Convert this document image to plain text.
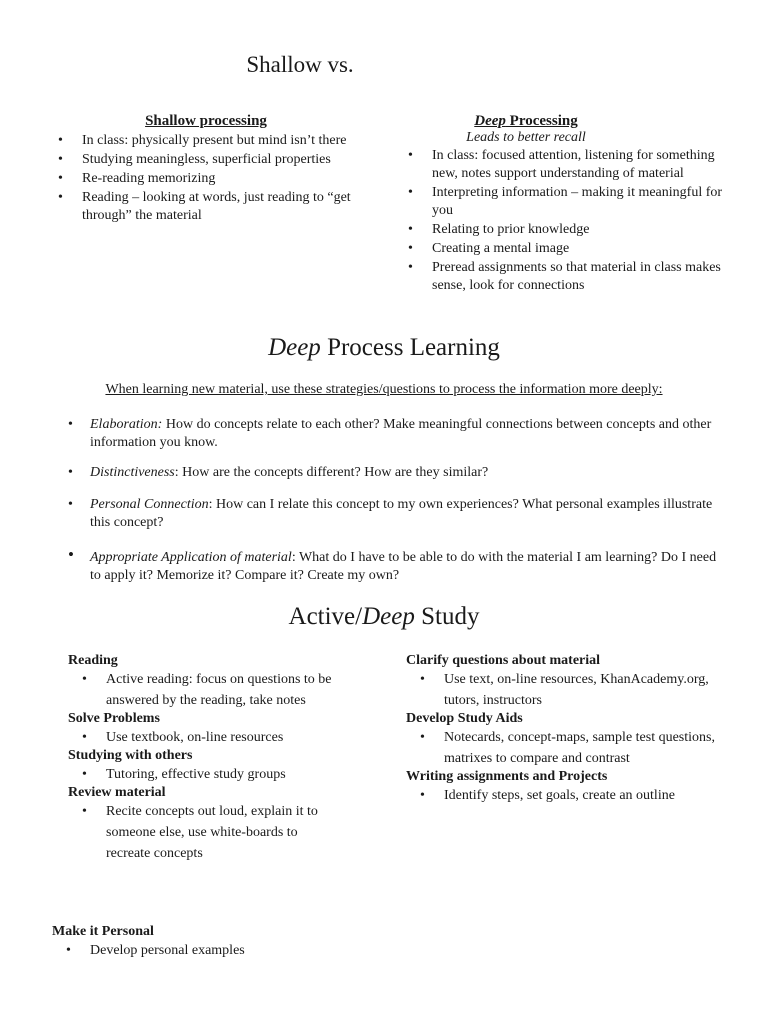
Shallow vs.
Shallow processing
• In class: physically present but mind isn’t there
• Studying meaningless, superficial properties
• Re-reading memorizing
• Reading – looking at words, just reading to “get through” the material
Deep Processing
Leads to better recall
• In class: focused attention, listening for something new, notes support understanding of material
• Interpreting information – making it meaningful for you
• Relating to prior knowledge
• Creating a mental image
• Preread assignments so that material in class makes sense, look for connections
Deep Process Learning
When learning new material, use these strategies/questions to process the information more deeply:
• Elaboration: How do concepts relate to each other? Make meaningful connections between concepts and other information you know.
• Distinctiveness: How are the concepts different? How are they similar?
• Personal Connection: How can I relate this concept to my own experiences? What personal examples illustrate this concept?
• Appropriate Application of material: What do I have to be able to do with the material I am learning? Do I need to apply it? Memorize it? Compare it? Create my own?
Active/Deep Study
Reading
• Active reading: focus on questions to be answered by the reading, take notes
Solve Problems
• Use textbook, on-line resources
Studying with others
• Tutoring, effective study groups
Review material
• Recite concepts out loud, explain it to someone else, use white-boards to recreate concepts
Clarify questions about material
• Use text, on-line resources, KhanAcademy.org, tutors, instructors
Develop Study Aids
• Notecards, concept-maps, sample test questions, matrixes to compare and contrast
Writing assignments and Projects
• Identify steps, set goals, create an outline
Make it Personal
• Develop personal examples
